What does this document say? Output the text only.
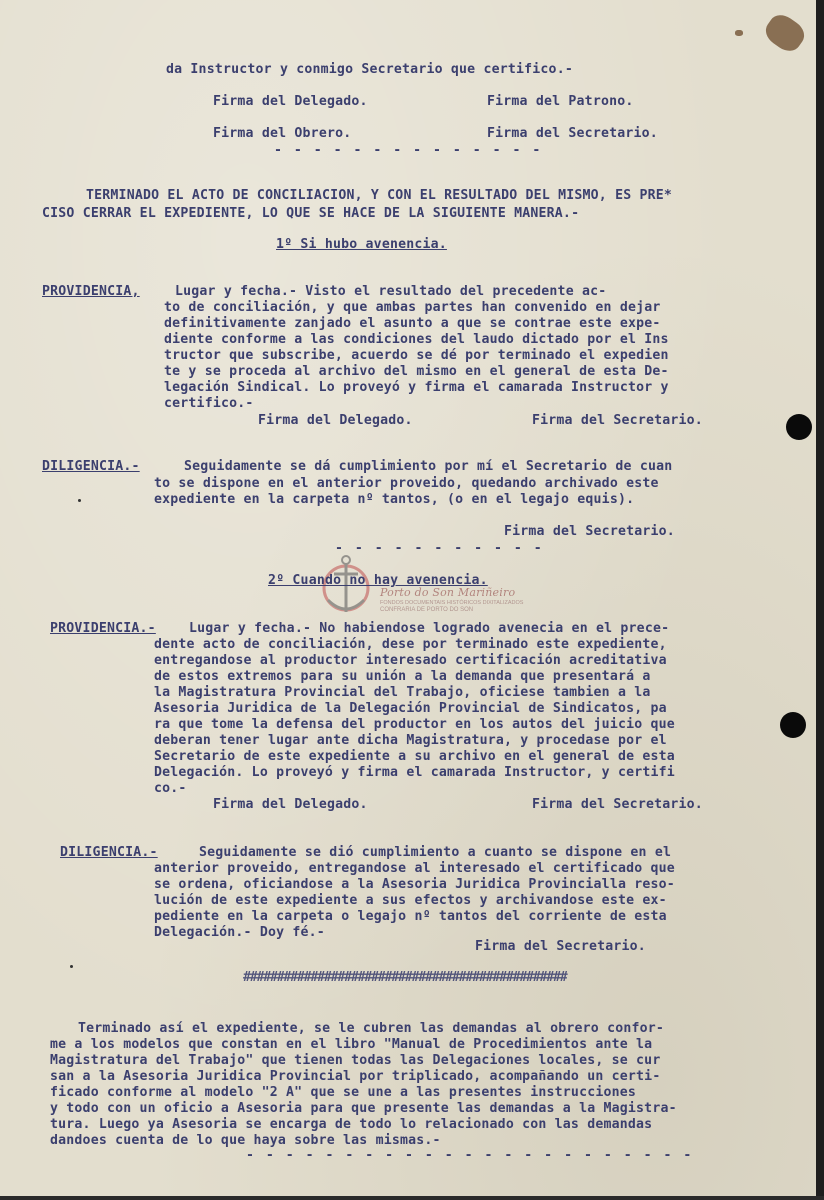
da Instructor y conmigo Secretario que certifico.-
Firma del Delegado.	Firma del Patrono.
Firma del Obrero.	Firma del Secretario.
- - - - - - - - - - - - - -
TERMINADO EL ACTO DE CONCILIACION, Y CON EL RESULTADO DEL MISMO, ES PRE*
CISO CERRAR EL EXPEDIENTE, LO QUE SE HACE DE LA SIGUIENTE MANERA.-
1º Si hubo avenencia.
PROVIDENCIA,	Lugar y fecha.- Visto el resultado del precedente ac-
to de conciliación, y que ambas partes han convenido en dejar
definitivamente zanjado el asunto a que se contrae este expe-
diente conforme a las condiciones del laudo dictado por el Ins
tructor que subscribe, acuerdo se dé por terminado el expedien
te y se proceda al archivo del mismo en el general de esta De-
legación Sindical. Lo proveyó y firma el camarada Instructor y
certifico.-
Firma del Delegado.	Firma del Secretario.
DILIGENCIA.-	Seguidamente se dá cumplimiento por mí el Secretario de cuan
to se dispone en el anterior proveido, quedando archivado este
expediente en la carpeta nº tantos, (o en el legajo equis).
Firma del Secretario.
- - - - - - - - - - -
Porto do Son Mariñeiro
FONDOS DOCUMENTAIS HISTÓRICOS DIXITALIZADOS
CONFRARIA DE PORTO DO SON
2º Cuando no hay avenencia.
PROVIDENCIA.-	Lugar y fecha.- No habiendose logrado avenecia en el prece-
dente acto de conciliación, dese por terminado este expediente,
entregandose al productor interesado certificación acreditativa
de estos extremos para su unión a la demanda que presentará a
la Magistratura Provincial del Trabajo, oficiese tambien a la
Asesoria Juridica de la Delegación Provincial de Sindicatos, pa
ra que tome la defensa del productor en los autos del juicio que
deberan tener lugar ante dicha Magistratura, y procedase por el
Secretario de este expediente a su archivo en el general de esta
Delegación. Lo proveyó y firma el camarada Instructor, y certifi
co.-
Firma del Delegado.	Firma del Secretario.
DILIGENCIA.-	Seguidamente se dió cumplimiento a cuanto se dispone en el
anterior proveido, entregandose al interesado el certificado que
se ordena, oficiandose a la Asesoria Juridica Provincialla reso-
lución de este expediente a sus efectos y archivandose este ex-
pediente en la carpeta o legajo nº tantos del corriente de esta
Delegación.- Doy fé.-
Firma del Secretario.
################################################
Terminado así el expediente, se le cubren las demandas al obrero confor-
me a los modelos que constan en el libro "Manual de Procedimientos ante la
Magistratura del Trabajo" que tienen todas las Delegaciones locales, se cur
san a la Asesoria Juridica Provincial por triplicado, acompañando un certi-
ficado conforme al modelo "2 A" que se une a las presentes instrucciones
y todo con un oficio a Asesoria para que presente las demandas a la Magistra-
tura. Luego ya Asesoria se encarga de todo lo relacionado con las demandas
dandoes cuenta de lo que haya sobre las mismas.-
- - - - - - - - - - - - - - - - - - - - - - -
